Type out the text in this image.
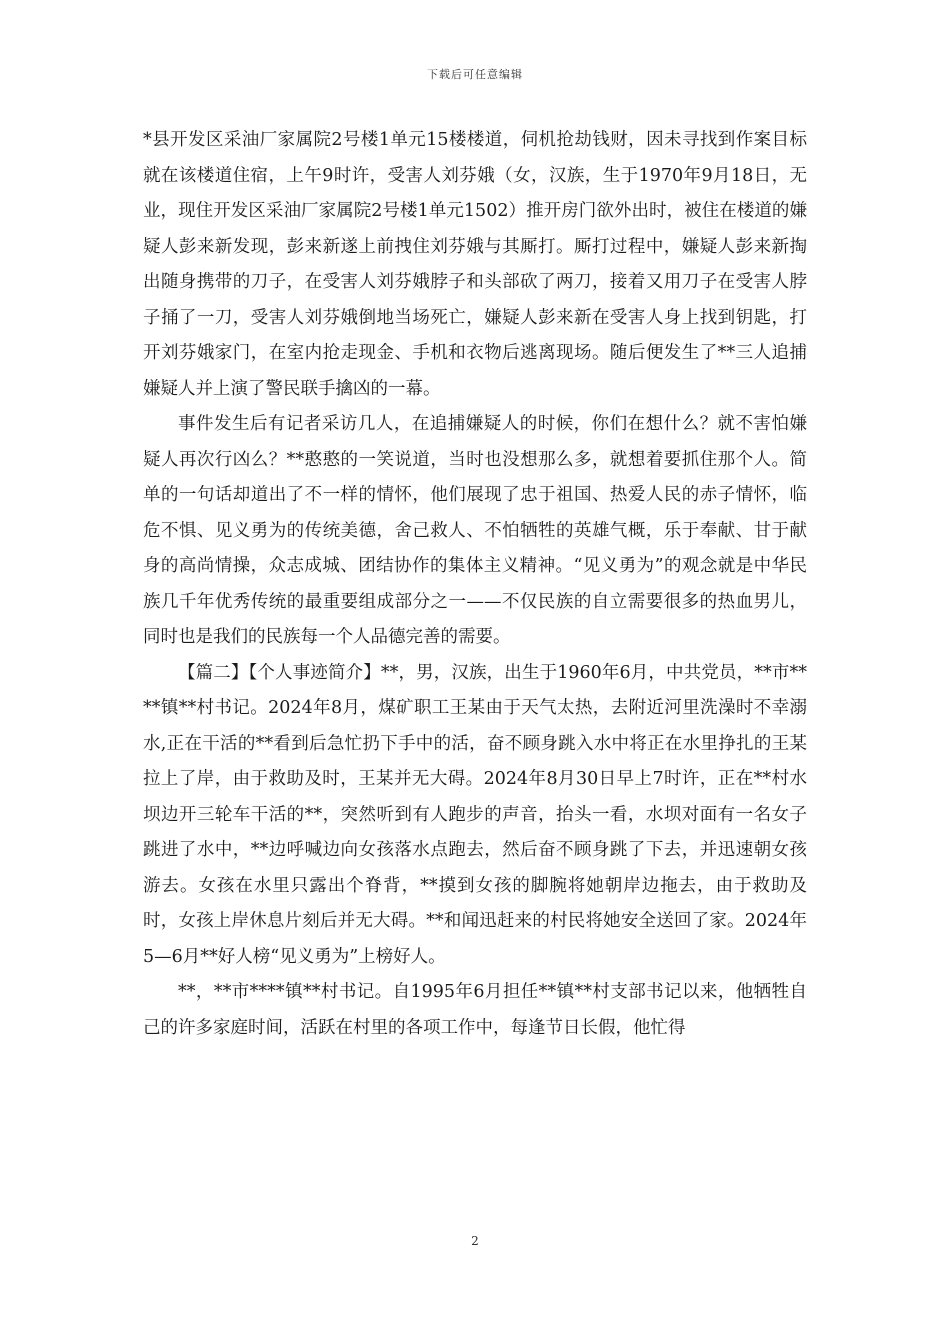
下载后可任意编辑

*县开发区采油厂家属院2号楼1单元15楼楼道，伺机抢劫钱财，因未寻找到作案目标就在该楼道住宿，上午9时许，受害人刘芬娥（女，汉族，生于1970年9月18日，无业，现住开发区采油厂家属院2号楼1单元1502）推开房门欲外出时，被住在楼道的嫌疑人彭来新发现，彭来新遂上前拽住刘芬娥与其厮打。厮打过程中，嫌疑人彭来新掏出随身携带的刀子，在受害人刘芬娥脖子和头部砍了两刀，接着又用刀子在受害人脖子捅了一刀，受害人刘芬娥倒地当场死亡，嫌疑人彭来新在受害人身上找到钥匙，打开刘芬娥家门，在室内抢走现金、手机和衣物后逃离现场。随后便发生了**三人追捕嫌疑人并上演了警民联手擒凶的一幕。

事件发生后有记者采访几人，在追捕嫌疑人的时候，你们在想什么？就不害怕嫌疑人再次行凶么？**憨憨的一笑说道，当时也没想那么多，就想着要抓住那个人。简单的一句话却道出了不一样的情怀，他们展现了忠于祖国、热爱人民的赤子情怀，临危不惧、见义勇为的传统美德，舍己救人、不怕牺牲的英雄气概，乐于奉献、甘于献身的高尚情操，众志成城、团结协作的集体主义精神。“见义勇为”的观念就是中华民族几千年优秀传统的最重要组成部分之一——不仅民族的自立需要很多的热血男儿，同时也是我们的民族每一个人品德完善的需要。

【篇二】【个人事迹简介】**，男，汉族，出生于1960年6月，中共党员，**市****镇**村书记。2024年8月，煤矿职工王某由于天气太热，去附近河里洗澡时不幸溺水,正在干活的**看到后急忙扔下手中的活，奋不顾身跳入水中将正在水里挣扎的王某拉上了岸，由于救助及时，王某并无大碍。2024年8月30日早上7时许，正在**村水坝边开三轮车干活的**，突然听到有人跑步的声音，抬头一看，水坝对面有一名女子跳进了水中，**边呼喊边向女孩落水点跑去，然后奋不顾身跳了下去，并迅速朝女孩游去。女孩在水里只露出个脊背，**摸到女孩的脚腕将她朝岸边拖去，由于救助及时，女孩上岸休息片刻后并无大碍。**和闻迅赶来的村民将她安全送回了家。2024年5—6月**好人榜“见义勇为”上榜好人。

**，**市****镇**村书记。自1995年6月担任**镇**村支部书记以来，他牺牲自己的许多家庭时间，活跃在村里的各项工作中，每逢节日长假，他忙得

2
